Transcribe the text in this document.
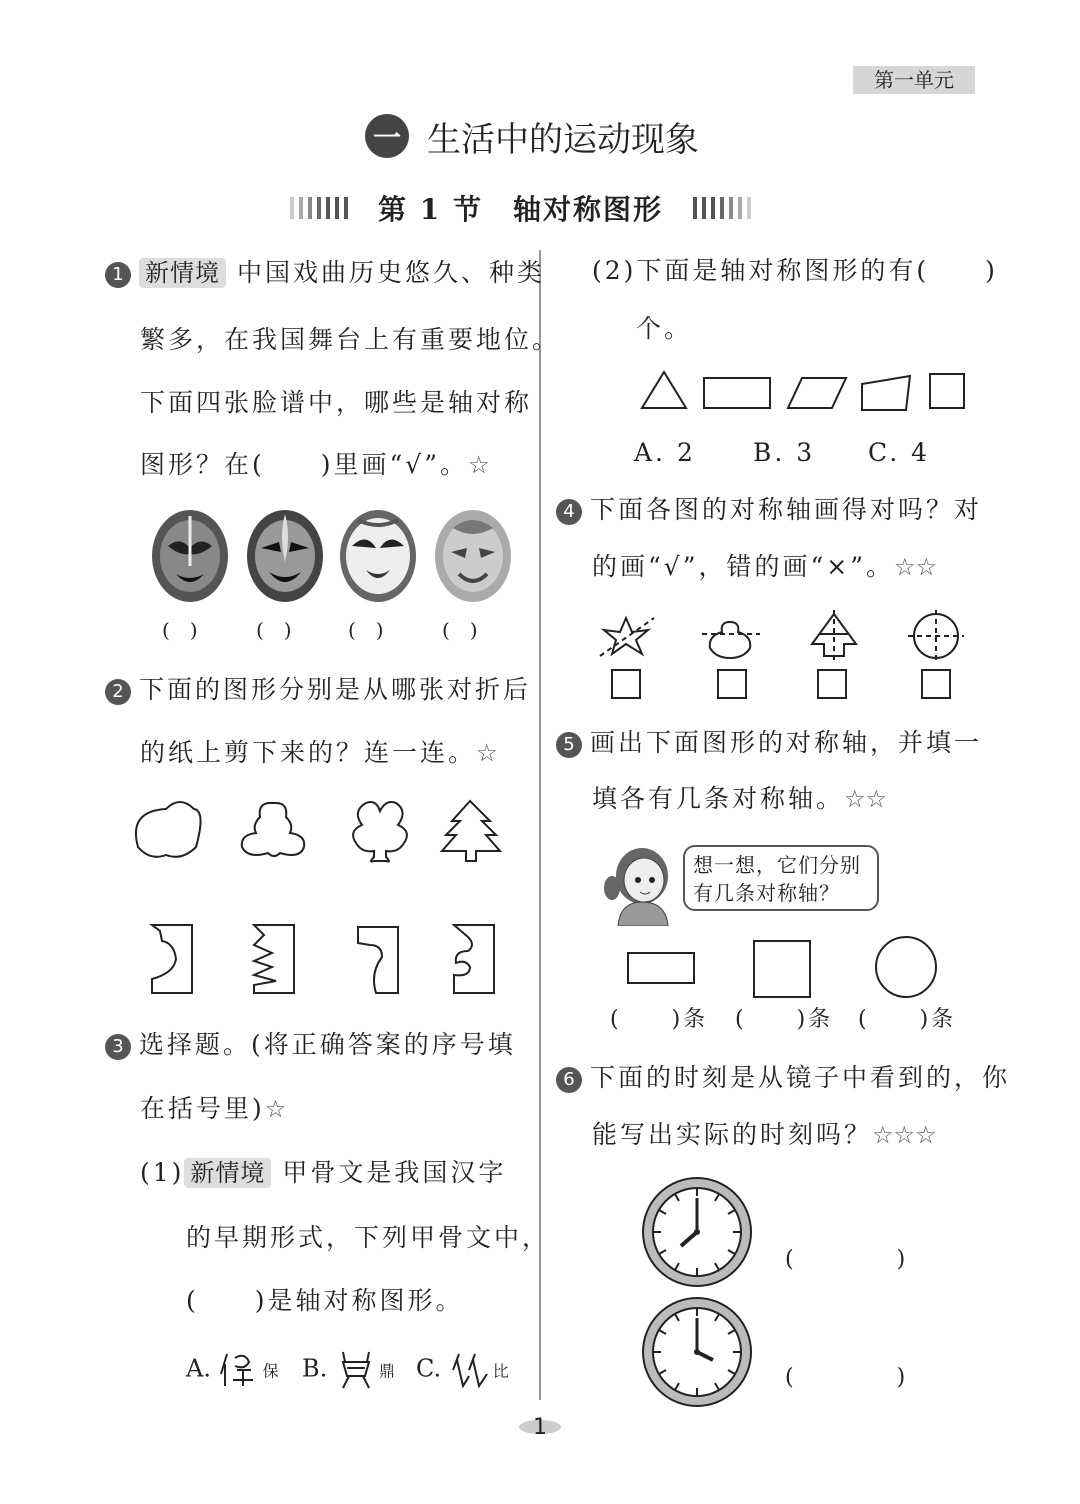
第一单元
一 生活中的运动现象
第 1 节　轴对称图形
1 新情境 中国戏曲历史悠久、种类
繁多，在我国舞台上有重要地位。
下面四张脸谱中，哪些是轴对称
图形？在(　　)里画“√”。☆
(　)	(　)	(　)	(　)
2 下面的图形分别是从哪张对折后
的纸上剪下来的？连一连。☆
3 选择题。(将正确答案的序号填
在括号里)☆
(1) 新情境 甲骨文是我国汉字
的早期形式，下列甲骨文中，
(　　)是轴对称图形。
A.	保 B.	鼎 C.	比
(2)下面是轴对称图形的有(　　)
个。
A. 2 B. 3 C. 4
4 下面各图的对称轴画得对吗？对
的画“√”，错的画“×”。☆☆
5 画出下面图形的对称轴，并填一
填各有几条对称轴。☆☆
想一想，它们分别
有几条对称轴？
(　　)条 (　　)条 (　　)条
6 下面的时刻是从镜子中看到的，你
能写出实际的时刻吗？☆☆☆
(　　　　)
(　　　　)
1
